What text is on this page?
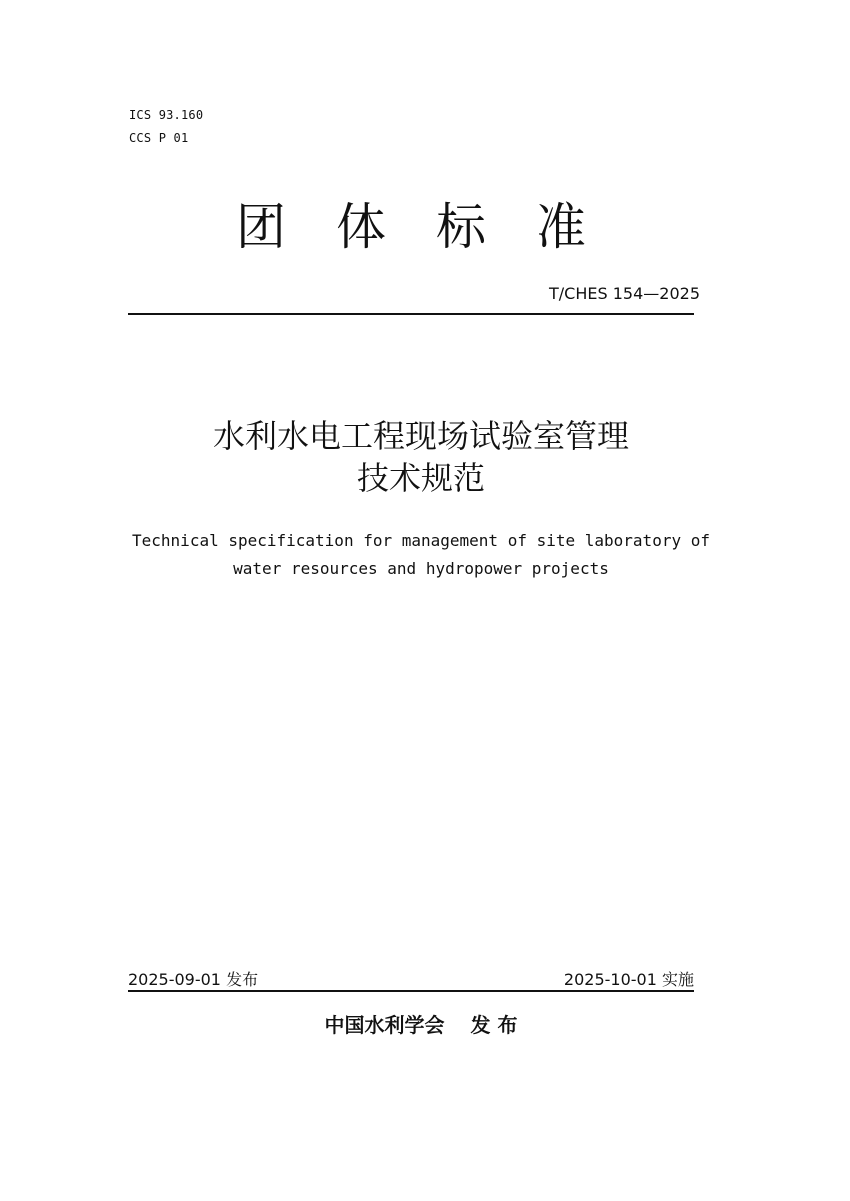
ICS 93.160
CCS P 01
团体标准
T/CHES 154—2025
水利水电工程现场试验室管理
技术规范
Technical specification for management of site laboratory of
water resources and hydropower projects
2025-09-01 发布	2025-10-01 实施
中国水利学会 发 布
